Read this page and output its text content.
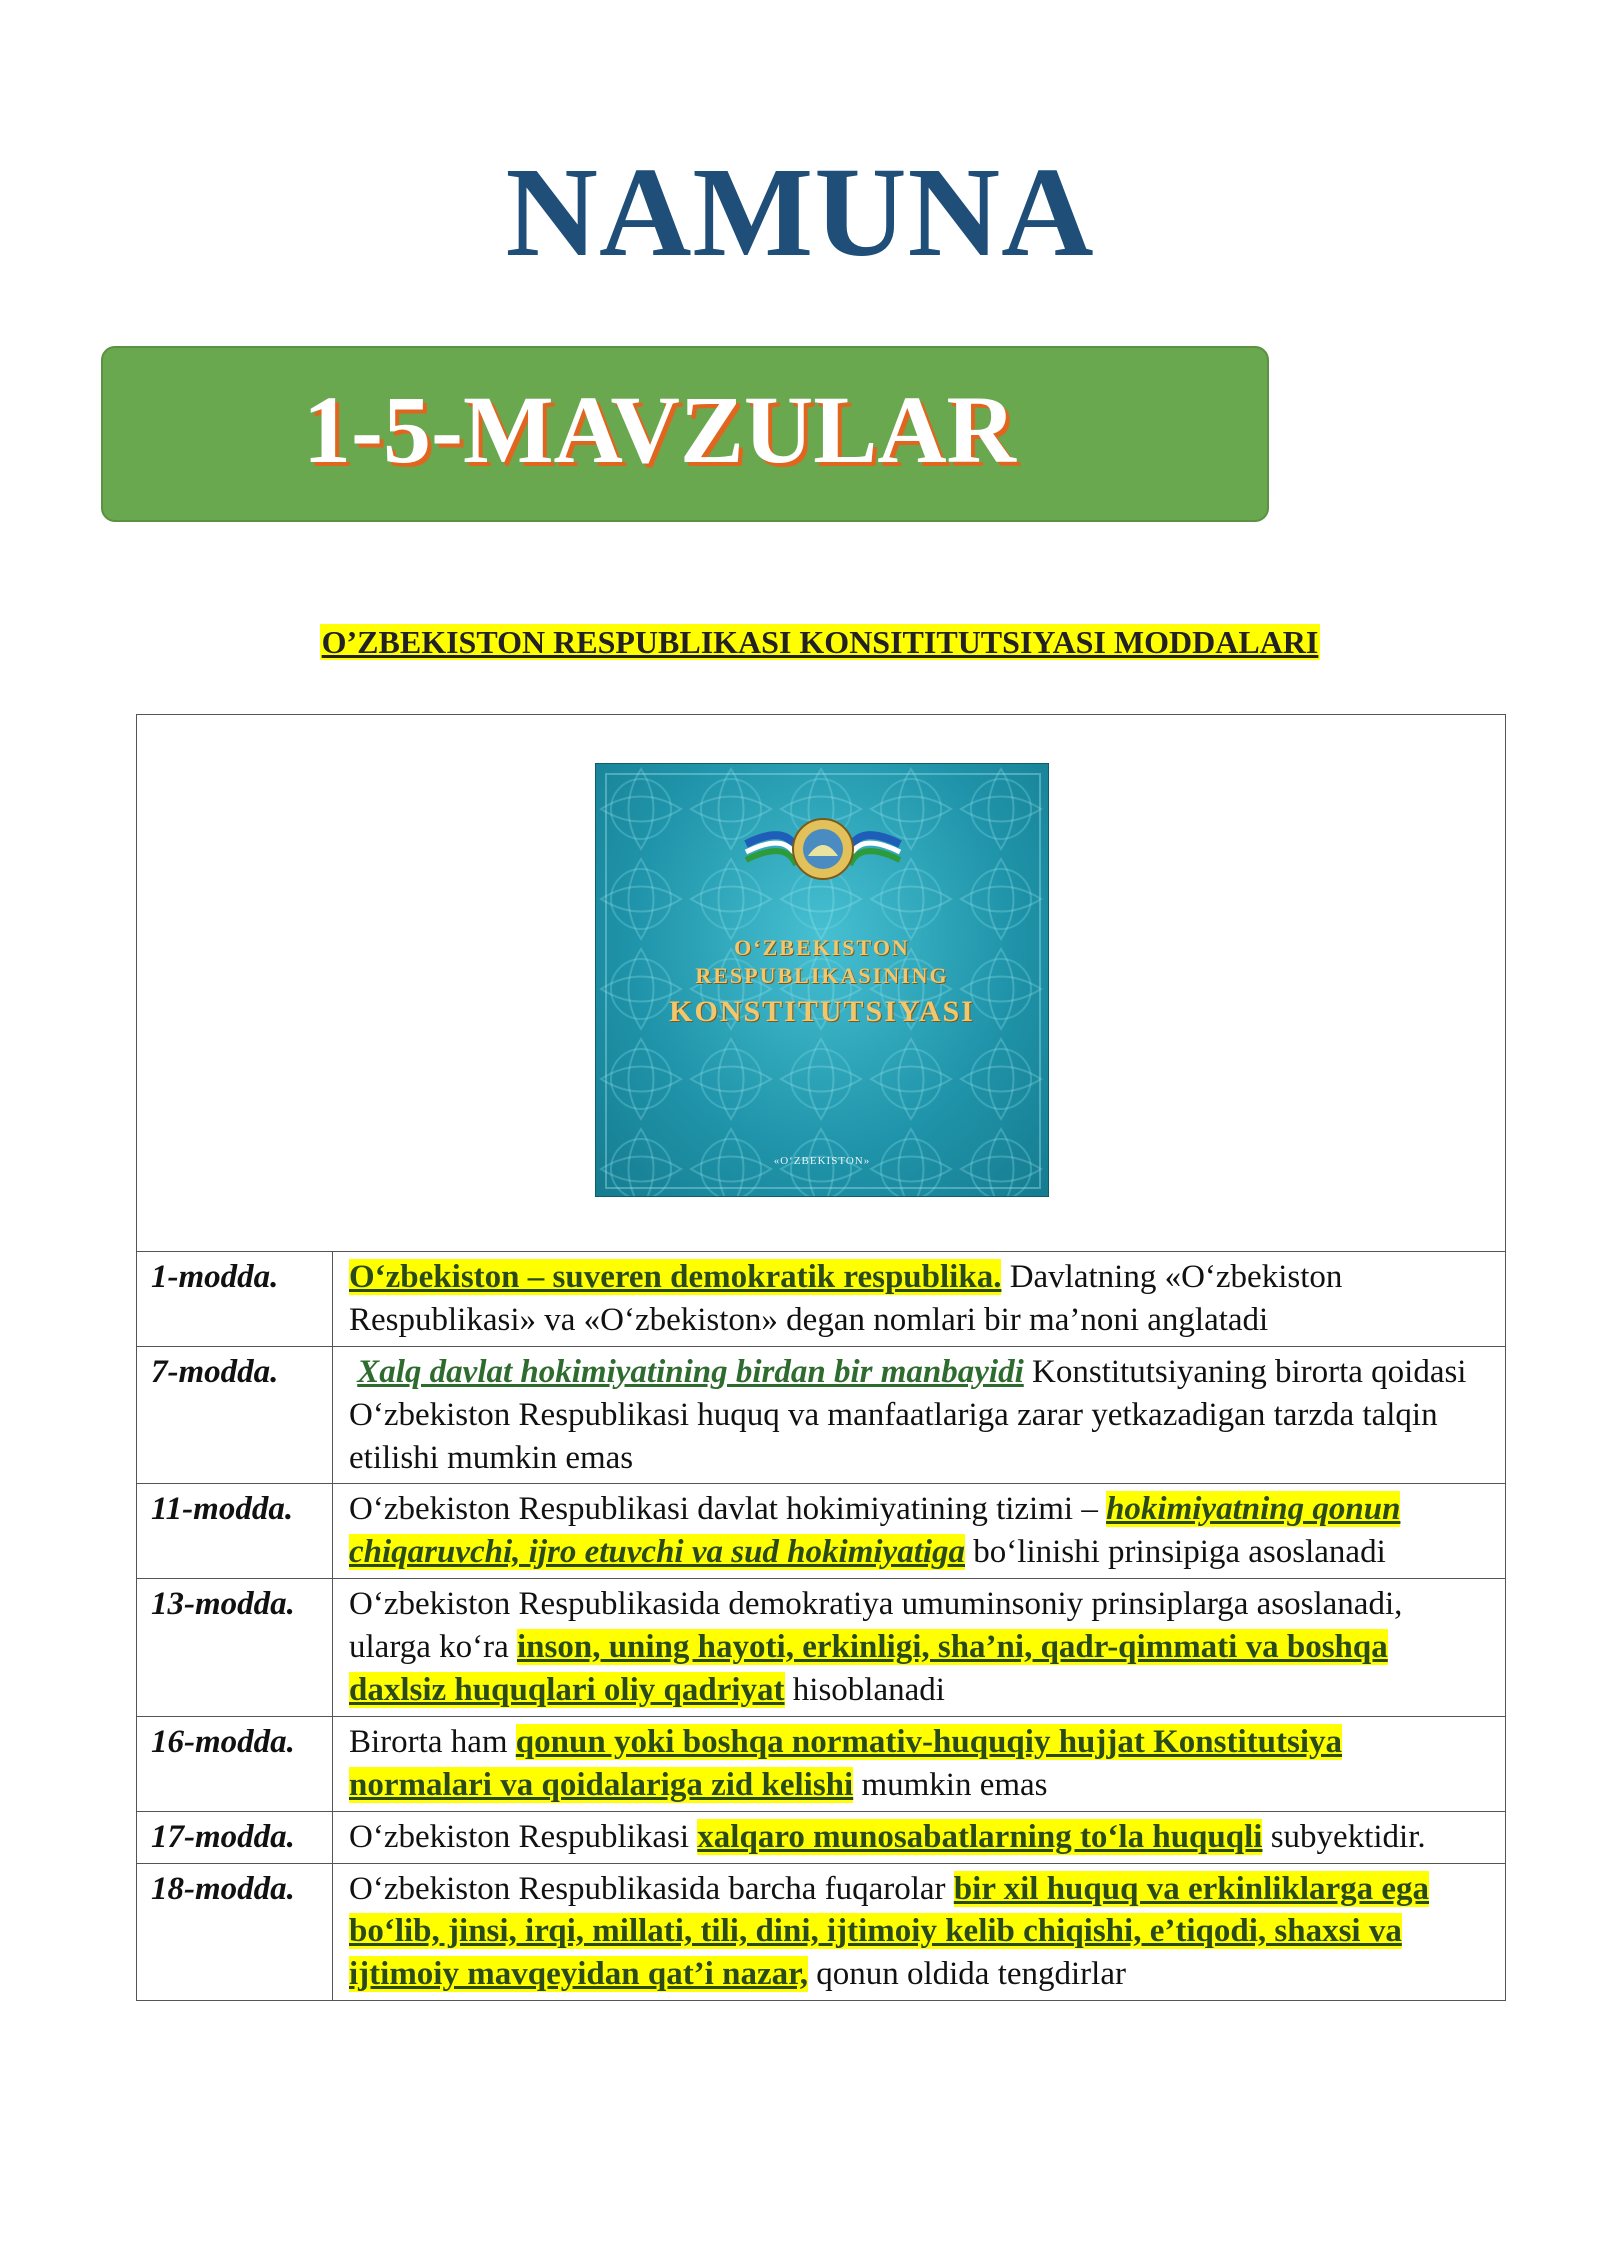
NAMUNA
1-5-MAVZULAR
O’ZBEKISTON RESPUBLIKASI KONSITITUTSIYASI MODDALARI
O‘ZBEKISTON
RESPUBLIKASINING
KONSTITUTSIYASI
«O‘ZBEKISTON»	

1-modda.	O‘zbekiston – suveren demokratik respublika. Davlatning «O‘zbekiston Respublikasi» va «O‘zbekiston» degan nomlari bir ma’noni anglatadi
7-modda.	Xalq davlat hokimiyatining birdan bir manbayidi Konstitutsiyaning birorta qoidasi O‘zbekiston Respublikasi huquq va manfaatlariga zarar yetkazadigan tarzda talqin etilishi mumkin emas
11-modda.	O‘zbekiston Respublikasi davlat hokimiyatining tizimi – hokimiyatning qonun chiqaruvchi, ijro etuvchi va sud hokimiyatiga bo‘linishi prinsipiga asoslanadi
13-modda.	O‘zbekiston Respublikasida demokratiya umuminsoniy prinsiplarga asoslanadi, ularga ko‘ra inson, uning hayoti, erkinligi, sha’ni, qadr-qimmati va boshqa daxlsiz huquqlari oliy qadriyat hisoblanadi
16-modda.	Birorta ham qonun yoki boshqa normativ-huquqiy hujjat Konstitutsiya normalari va qoidalariga zid kelishi mumkin emas
17-modda.	O‘zbekiston Respublikasi xalqaro munosabatlarning to‘la huquqli subyektidir.
18-modda.	O‘zbekiston Respublikasida barcha fuqarolar bir xil huquq va erkinliklarga ega bo‘lib, jinsi, irqi, millati, tili, dini, ijtimoiy kelib chiqishi, e’tiqodi, shaxsi va ijtimoiy mavqeyidan qat’i nazar, qonun oldida tengdirlar
